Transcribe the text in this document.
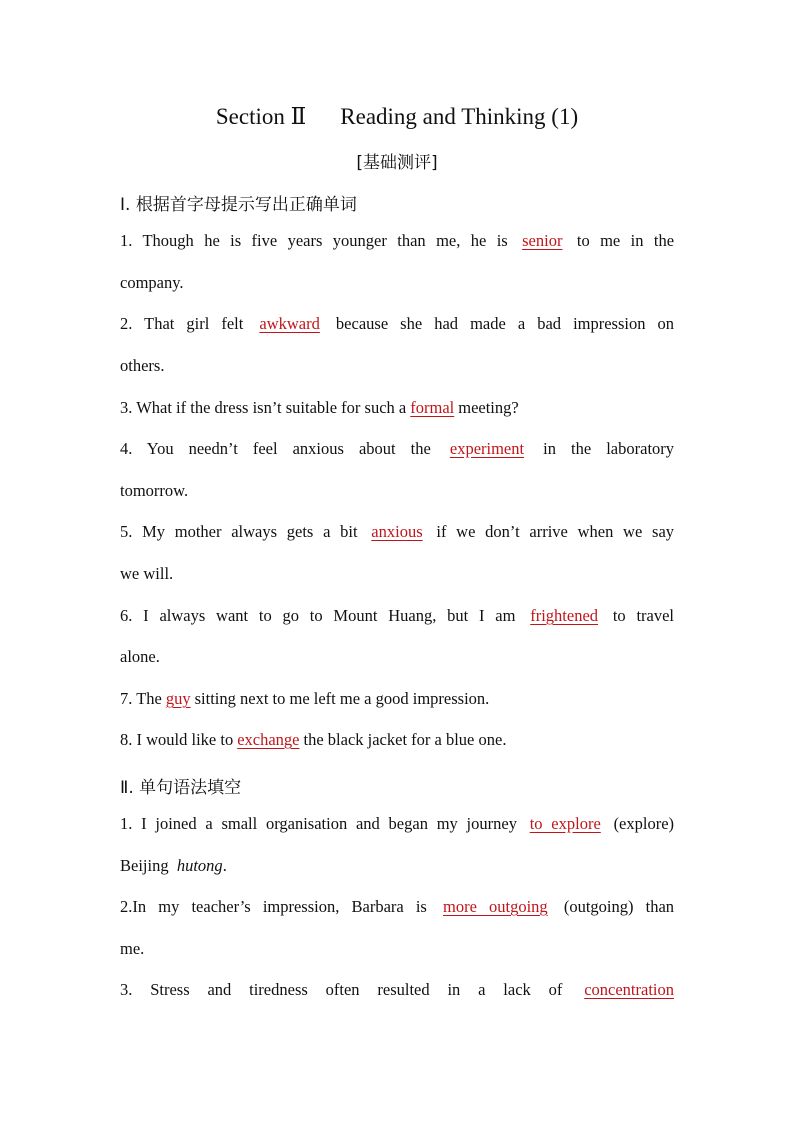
Section Ⅱ Reading and Thinking (1)
[基础测评]
Ⅰ. 根据首字母提示写出正确单词
1. Though he is five years younger than me, he is senior to me in the
company.
2. That girl felt awkward because she had made a bad impression on
others.
3. What if the dress isn’t suitable for such a formal meeting?
4. You needn’t feel anxious about the experiment in the laboratory
tomorrow.
5. My mother always gets a bit anxious if we don’t arrive when we say
we will.
6. I always want to go to Mount Huang, but I am frightened to travel
alone.
7. The guy sitting next to me left me a good impression.
8. I would like to exchange the black jacket for a blue one.
Ⅱ. 单句语法填空
1. I joined a small organisation and began my journey to explore (explore)
Beijing hutong.
2.In my teacher’s impression, Barbara is more outgoing (outgoing) than
me.
3. Stress and tiredness often resulted in a lack of concentration
